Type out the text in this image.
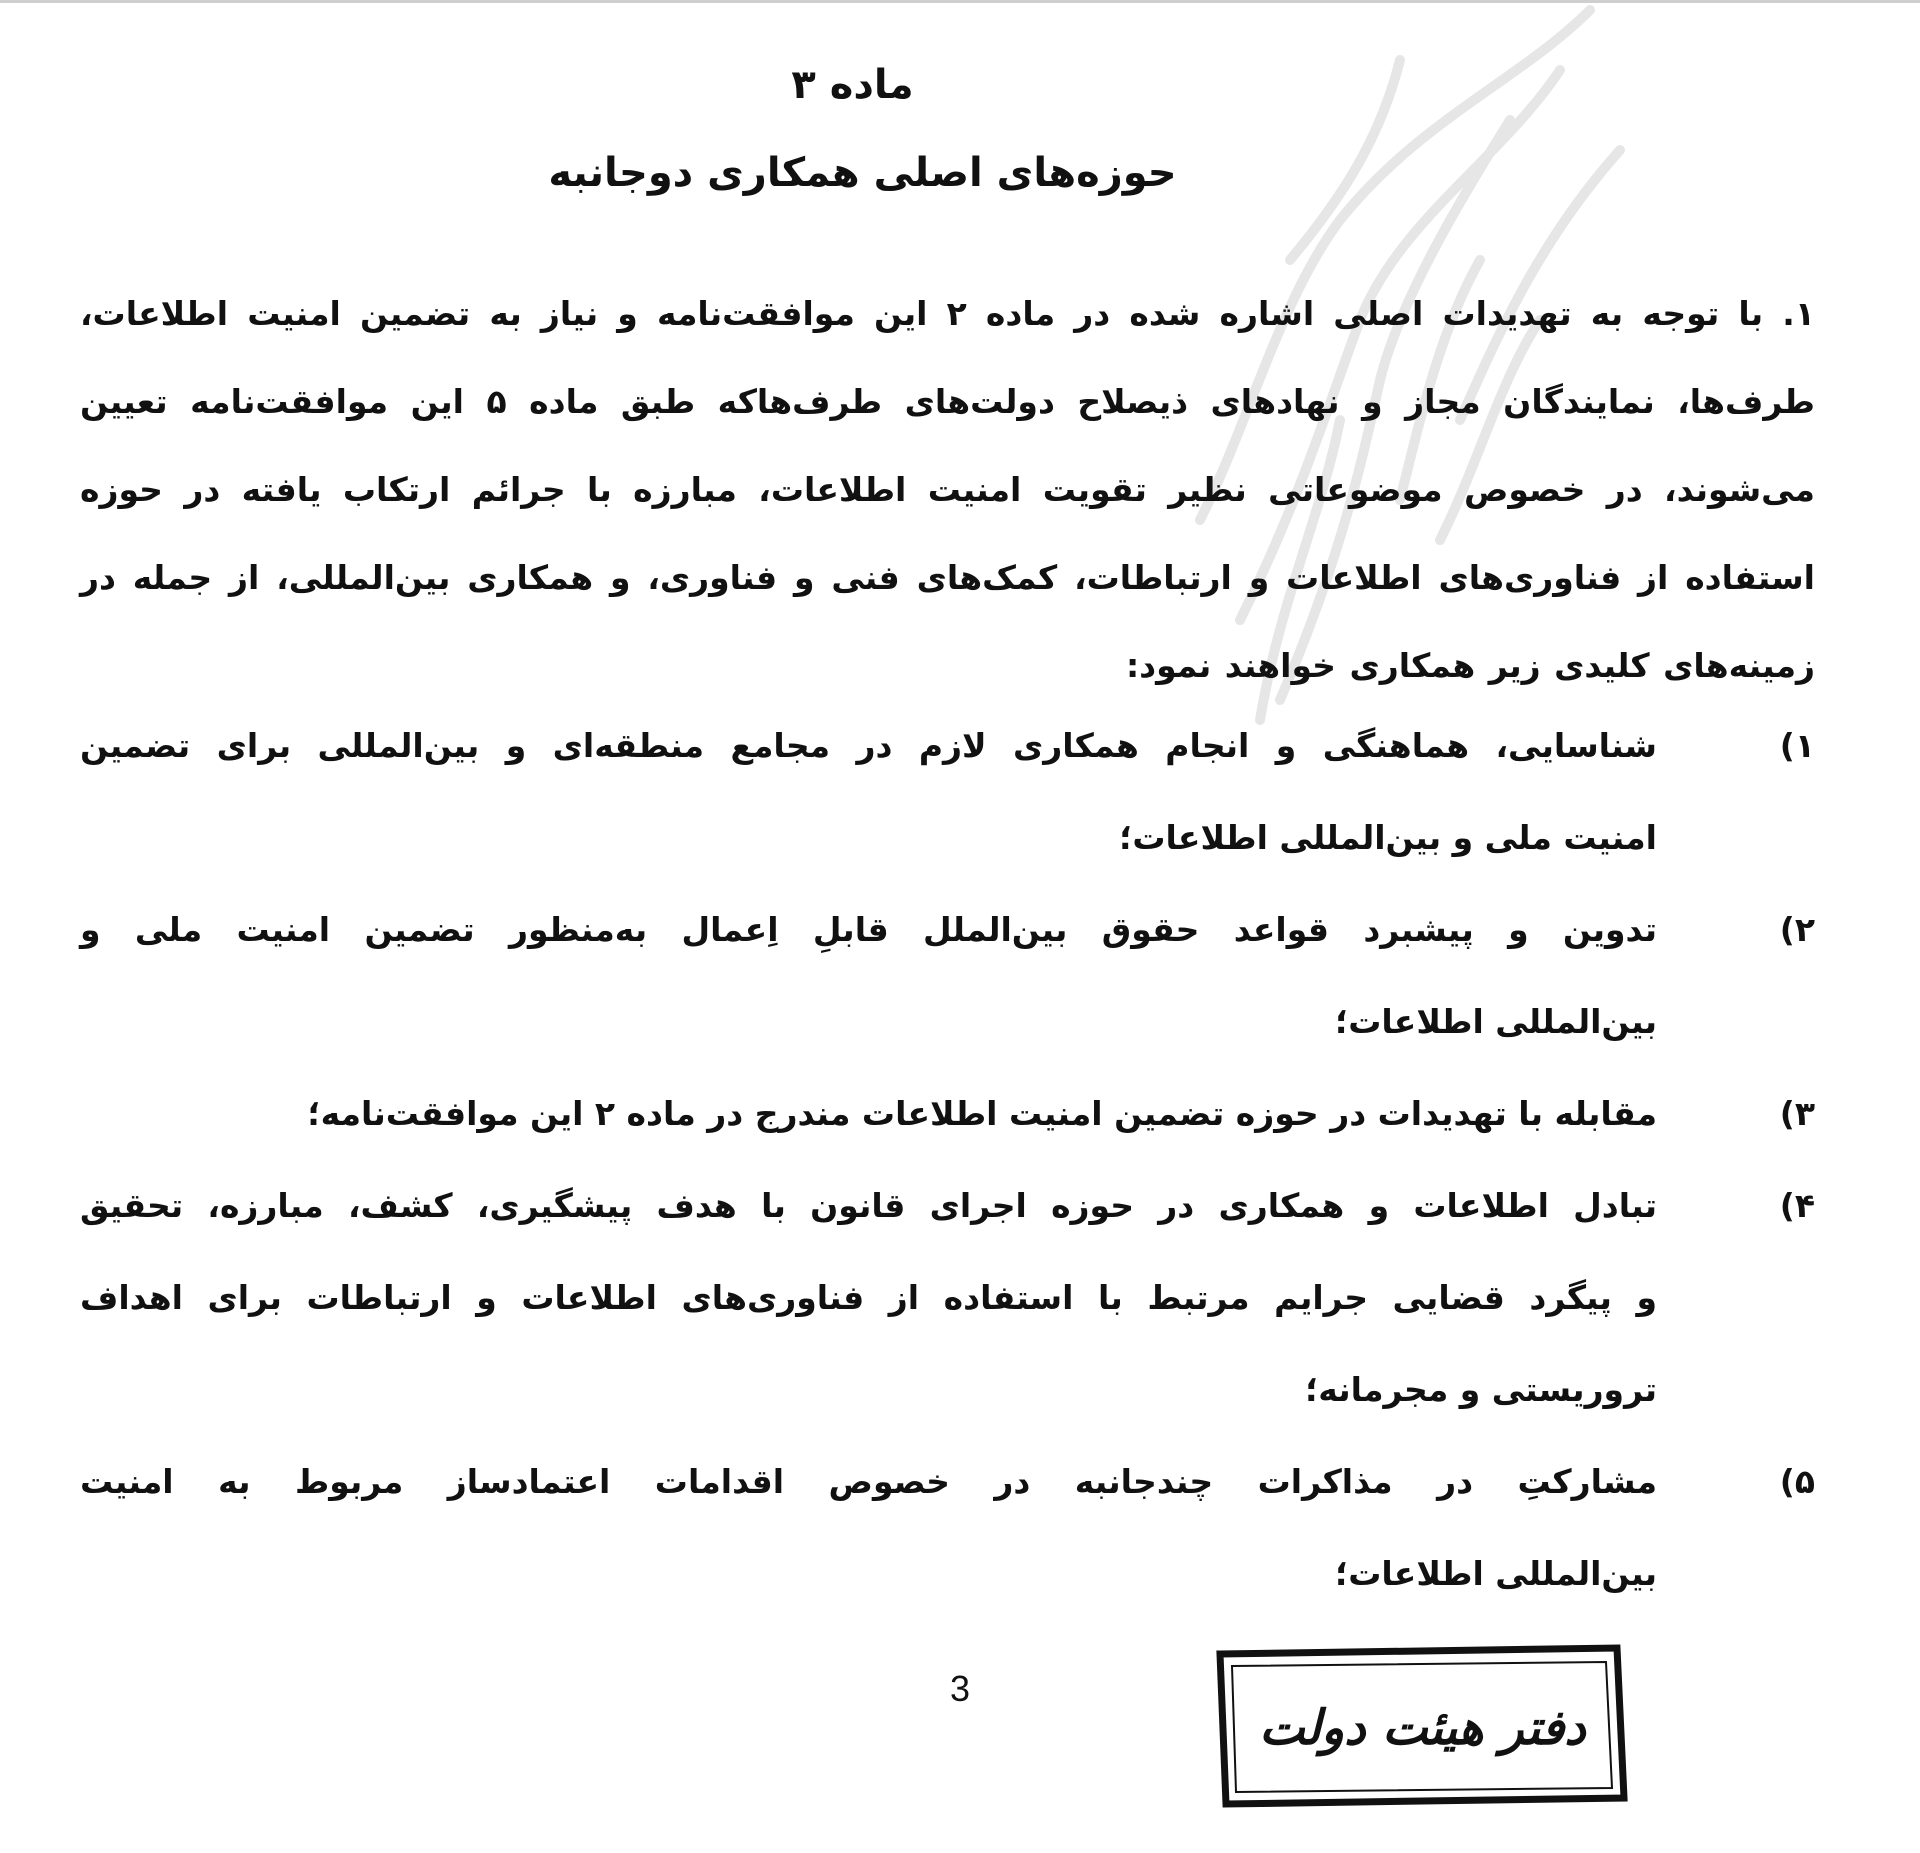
ماده ۳
حوزه‌های اصلی همکاری دوجانبه
۱. با توجه به تهدیدات اصلی اشاره شده در ماده ۲ این موافقت‌نامه و نیاز به تضمین امنیت اطلاعات،
طرف‌ها، نمایندگان مجاز و نهادهای ذیصلاح دولت‌های طرف‌هاکه طبق ماده ۵ این موافقت‌نامه تعیین
می‌شوند، در خصوص موضوعاتی نظیر تقویت امنیت اطلاعات، مبارزه با جرائم ارتکاب یافته در حوزه
استفاده از فناوری‌های اطلاعات و ارتباطات، کمک‌های فنی و فناوری، و همکاری بین‌المللی، از جمله در
زمینه‌های کلیدی زیر همکاری خواهند نمود:
۱)
شناسایی، هماهنگی و انجام همکاری لازم در مجامع منطقه‌ای و بین‌المللی برای تضمین
امنیت ملی و بین‌المللی اطلاعات؛
۲)
تدوین و پیشبرد قواعد حقوق بین‌الملل قابلِ اِعمال به‌منظور تضمین امنیت ملی و
بین‌المللی اطلاعات؛
۳)
مقابله با تهدیدات در حوزه تضمین امنیت اطلاعات مندرج در ماده ۲ این موافقت‌نامه؛
۴)
تبادل اطلاعات و همکاری در حوزه اجرای قانون با هدف پیشگیری، کشف، مبارزه، تحقیق
و پیگرد قضایی جرایم مرتبط با استفاده از فناوری‌های اطلاعات و ارتباطات برای اهداف
تروریستی و مجرمانه؛
۵)
مشارکتِ در مذاکرات چندجانبه در خصوص اقدامات اعتمادساز مربوط به امنیت
بین‌المللی اطلاعات؛
3
دفتر هیئت دولت
